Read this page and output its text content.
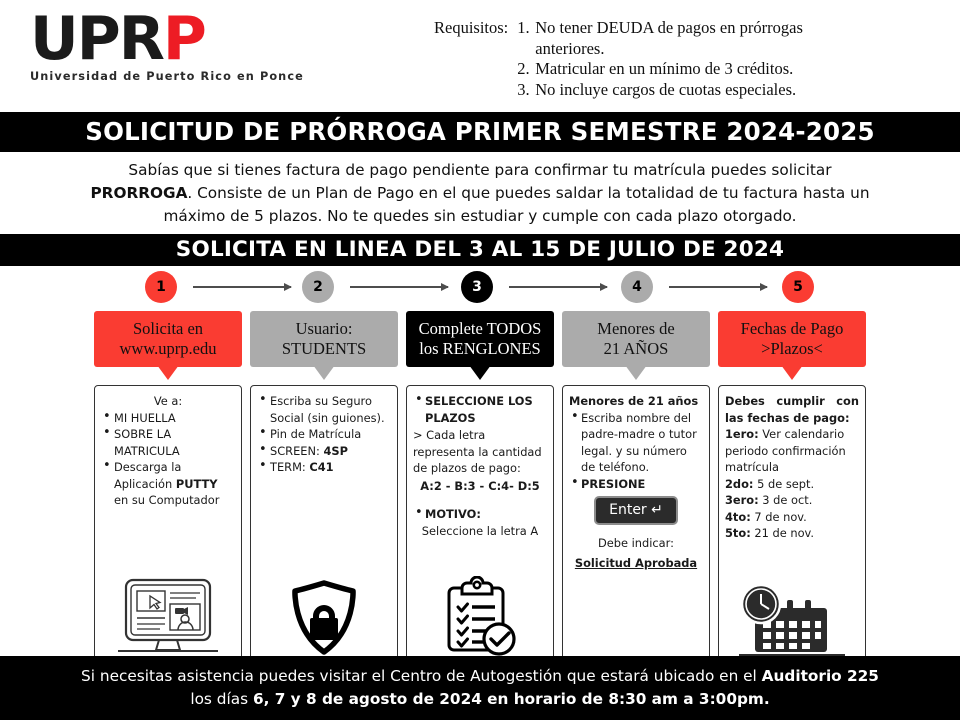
UPRP
Universidad de Puerto Rico en Ponce
Requisitos: 1. No tener DEUDA de pagos en prórrogas
anteriores.
2. Matricular en un mínimo de 3 créditos.
3. No incluye cargos de cuotas especiales.
SOLICITUD DE PRÓRROGA PRIMER SEMESTRE 2024-2025
Sabías que si tienes factura de pago pendiente para confirmar tu matrícula puedes solicitar
PRORROGA. Consiste de un Plan de Pago en el que puedes saldar la totalidad de tu factura hasta un
máximo de 5 plazos. No te quedes sin estudiar y cumple con cada plazo otorgado.
SOLICITA EN LINEA DEL 3 AL 15 DE JULIO DE 2024
1	2	3	4	5
Solicita en
www.uprp.edu
Ve a:
• MI HUELLA
• SOBRE LA MATRICULA
• Descarga la Aplicación PUTTY en su Computador
Usuario:
STUDENTS
• Escriba su Seguro Social (sin guiones).
• Pin de Matrícula
• SCREEN: 4SP
• TERM: C41
Complete TODOS
los RENGLONES
• SELECCIONE LOS PLAZOS
> Cada letra representa la cantidad de plazos de pago:
A:2 - B:3 - C:4- D:5
• MOTIVO:
Seleccione la letra A
Menores de
21 AÑOS
Menores de 21 años
• Escriba nombre del padre-madre o tutor legal. y su número de teléfono.
• PRESIONE
Enter ↵
Debe indicar:
Solicitud Aprobada
Fechas de Pago
>Plazos<
Debes cumplir con las fechas de pago:
1ero: Ver calendario periodo confirmación matrícula
2do: 5 de sept.
3ero: 3 de oct.
4to: 7 de nov.
5to: 21 de nov.
Si necesitas asistencia puedes visitar el Centro de Autogestión que estará ubicado en el Auditorio 225
los días 6, 7 y 8 de agosto de 2024 en horario de 8:30 am a 3:00pm.
